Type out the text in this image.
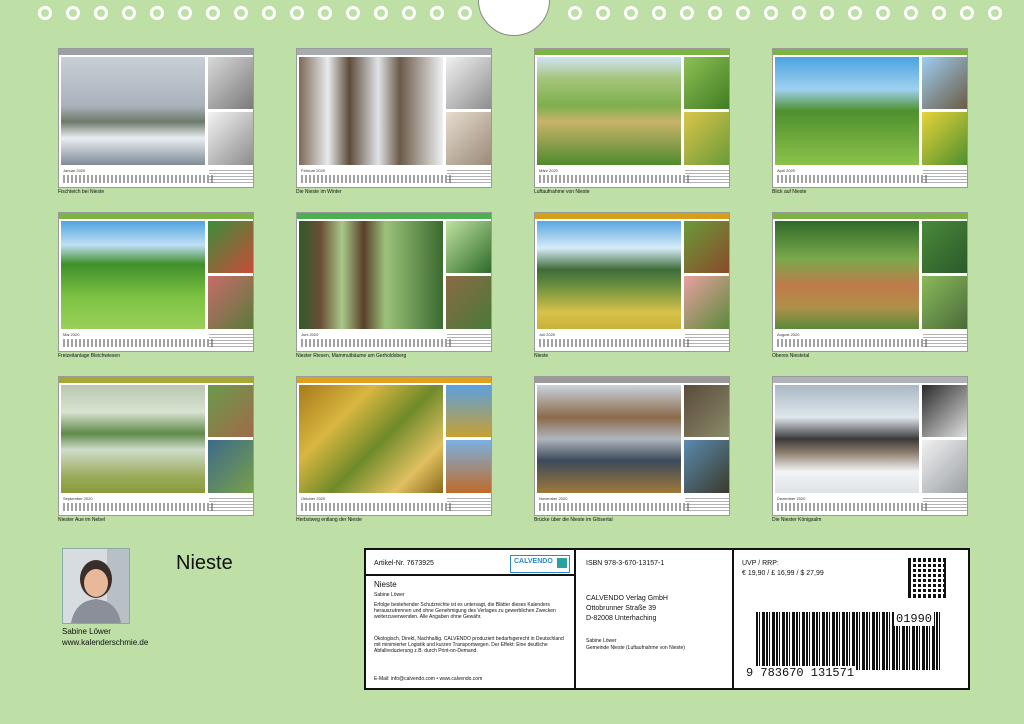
Januar 2020
Fischteich bei Nieste
Februar 2020
Die Nieste im Winter
März 2020
Luftaufnahme von Nieste
April 2020
Blick auf Nieste
Mai 2020
Freizeitanlage Bleichwiesen
Juni 2020
Niester Riesen, Mammutbäume am Gerholdsberg
Juli 2020
Nieste
August 2020
Oberes Niestetal
September 2020
Niester Aue im Nebel
Oktober 2020
Herbstweg entlang der Nieste
November 2020
Brücke über die Nieste im Glösertal
Dezember 2020
Die Niester Königsalm
Sabine Löwer
www.kalenderschmie.de
Nieste	Artikel-Nr. 7673925	CALVENDO
Nieste
Sabine Löwer
Erfolge bestehender Schutzrechte ist es untersagt, die Blätter dieses Kalenders herauszutrennen und ohne Genehmigung des Verlages zu gewerblichen Zwecken weiterzuverwenden. Alle Angaben ohne Gewähr.
Ökologisch, Direkt, Nachhaltig. CALVENDO produziert bedarfsgerecht in Deutschland mit minimierter Logistik und kurzen Transportwegen. Der Effekt: Eine deutliche Abfallreduzierung z.B. durch Print-on-Demand.
E-Mail: info@calvendo.com • www.calvendo.com
ISBN 978-3-670-13157-1
CALVENDO Verlag GmbH
Ottobrunner Straße 39
D-82008 Unterhaching
Sabine Löwer
Gemeinde Nieste (Luftaufnahme von Nieste)
UVP / RRP:
€ 19,90 / £ 16,99 / $ 27,99
01990
9 783670 131571
